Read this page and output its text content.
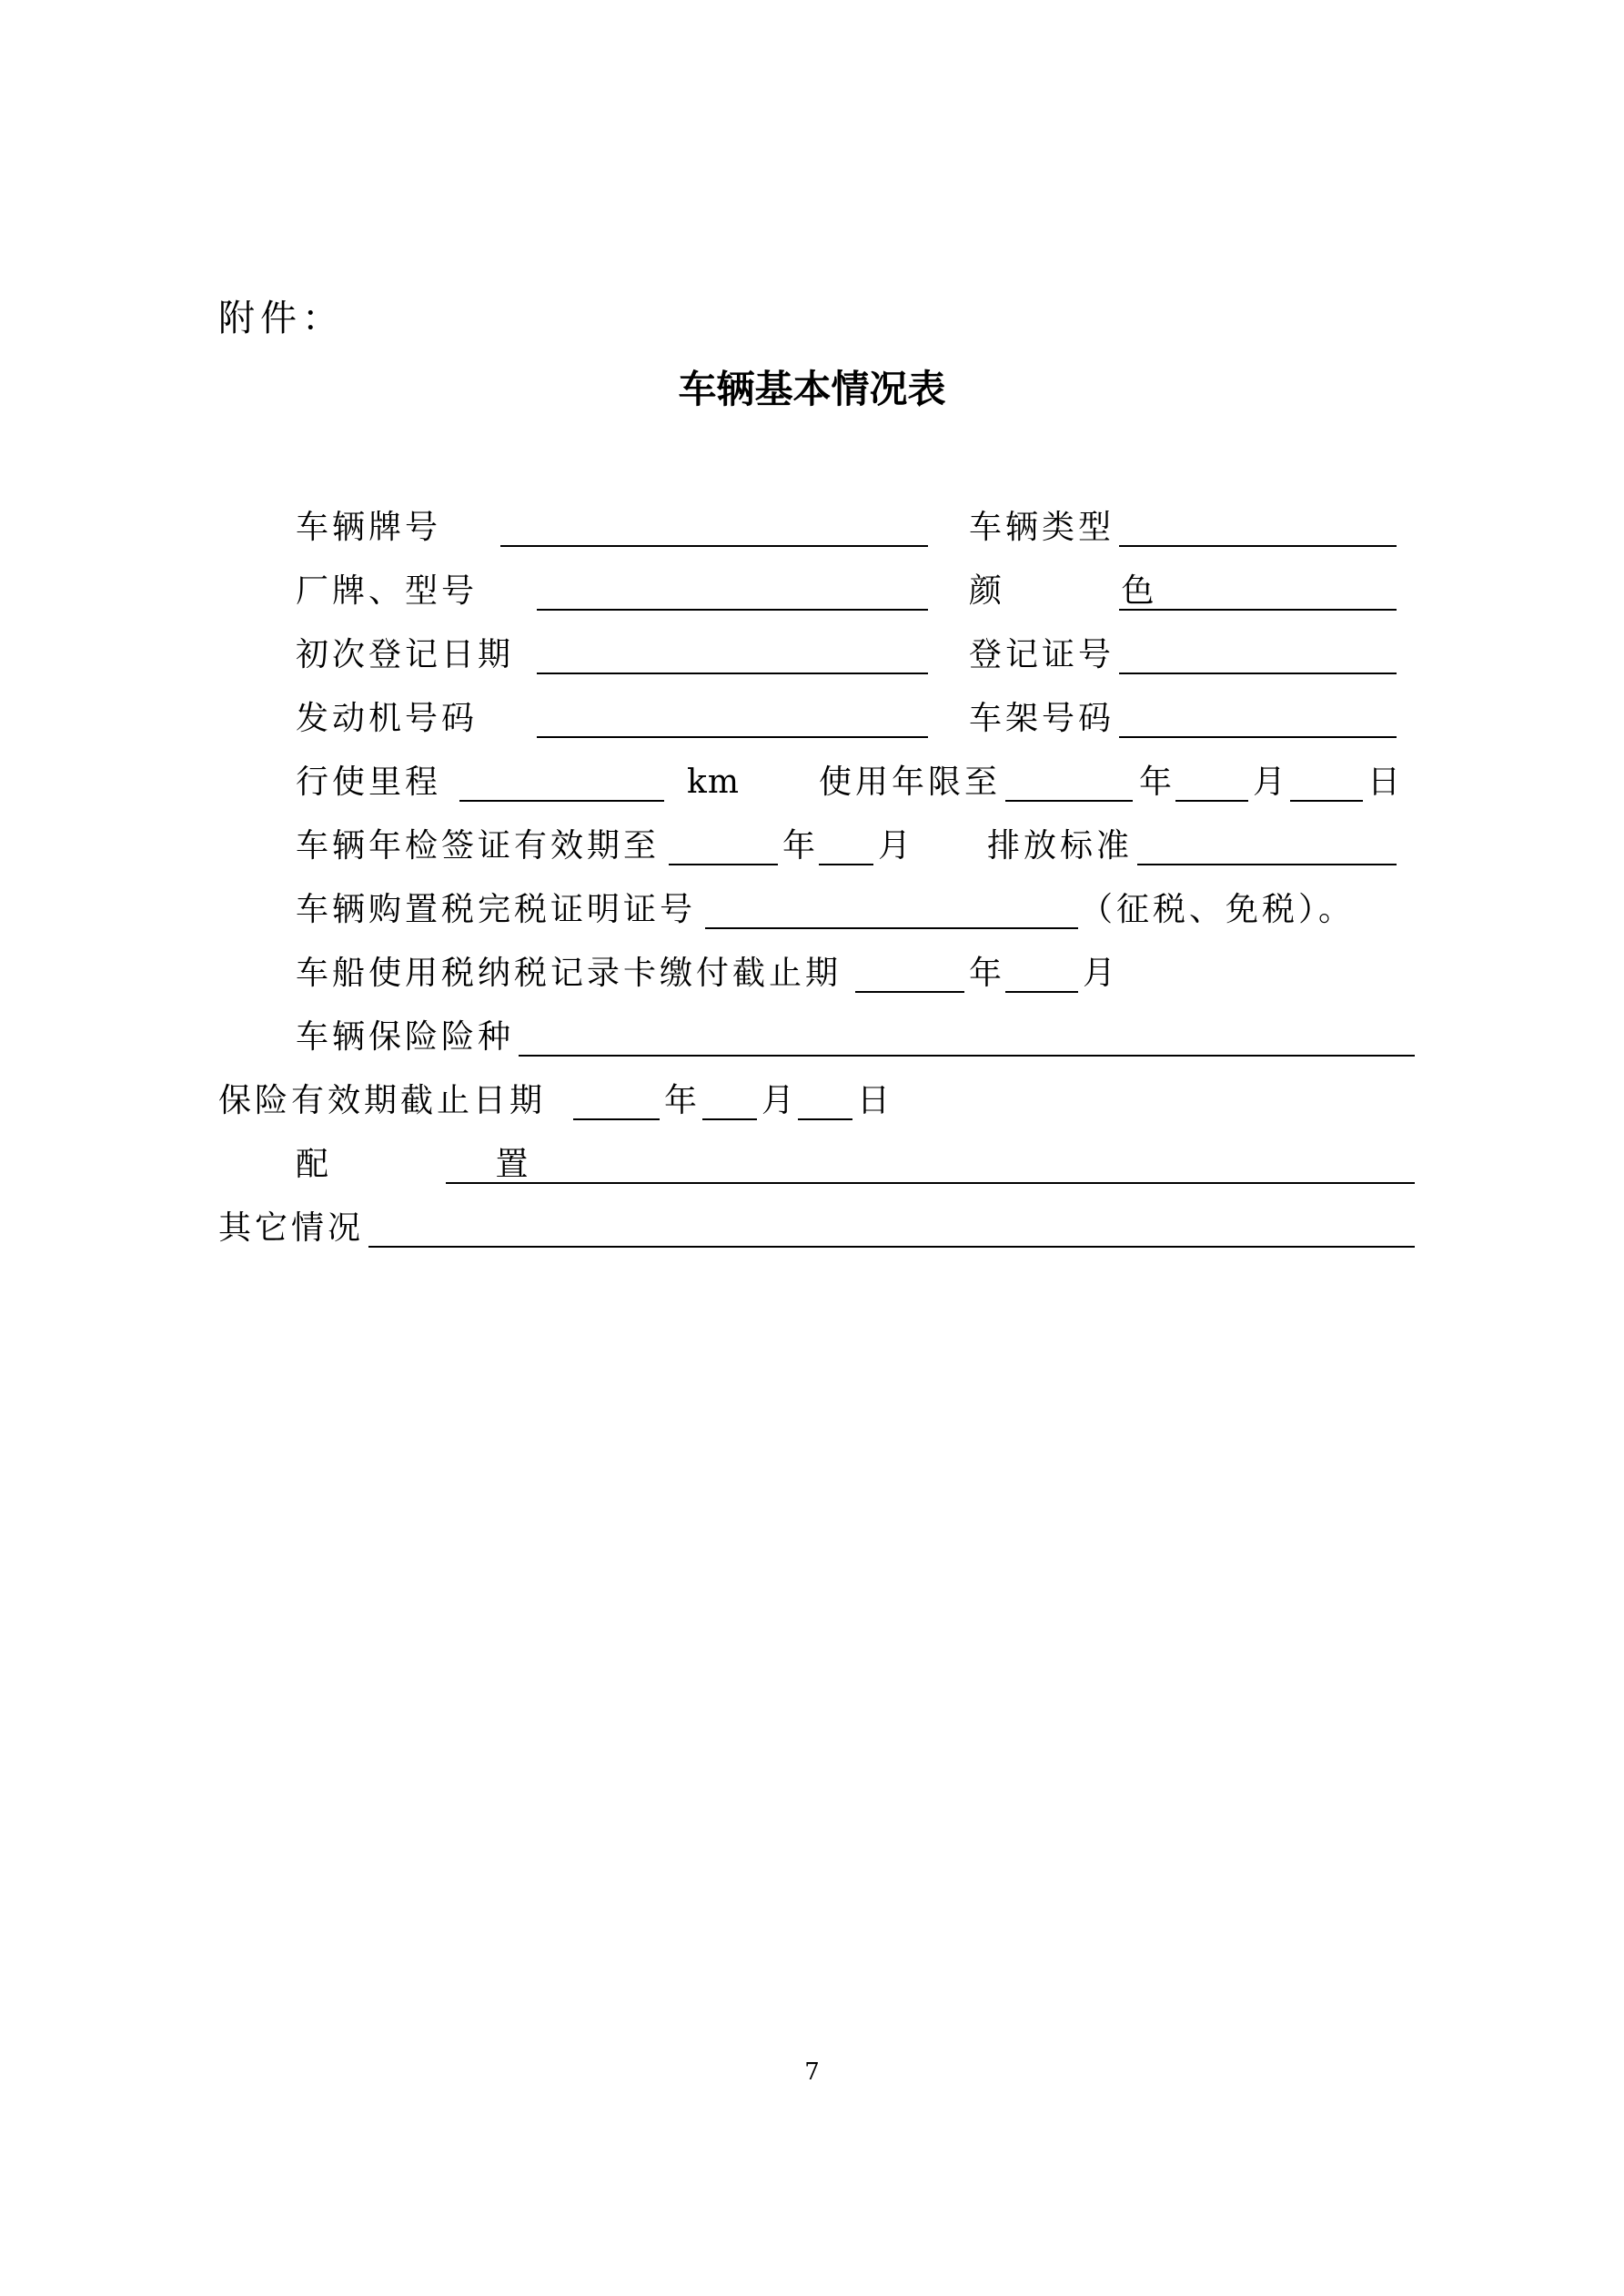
附件：
车辆基本情况表
车辆牌号	车辆类型
厂牌、型号	颜 色
初次登记日期	登记证号
发动机号码	车架号码
行使里程	km 使用年限至	年 月 日
车辆年检签证有效期至	年 月 排放标准
车辆购置税完税证明证号	（征税、免税）。
车船使用税纳税记录卡缴付截止期	年 月
车辆保险险种
保险有效期截止日期	年 月 日
配 置
其它情况
7
